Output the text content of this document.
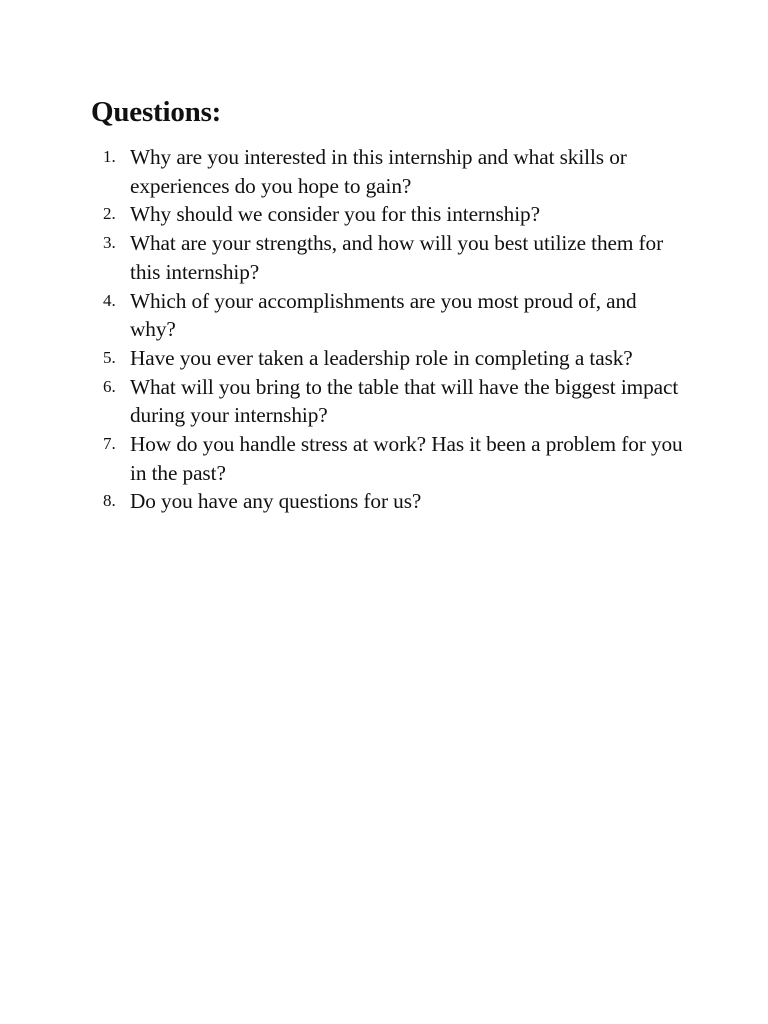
Questions:
1. Why are you interested in this internship and what skills or experiences do you hope to gain?
2. Why should we consider you for this internship?
3. What are your strengths, and how will you best utilize them for this internship?
4. Which of your accomplishments are you most proud of, and why?
5. Have you ever taken a leadership role in completing a task?
6. What will you bring to the table that will have the biggest impact during your internship?
7. How do you handle stress at work? Has it been a problem for you in the past?
8. Do you have any questions for us?
